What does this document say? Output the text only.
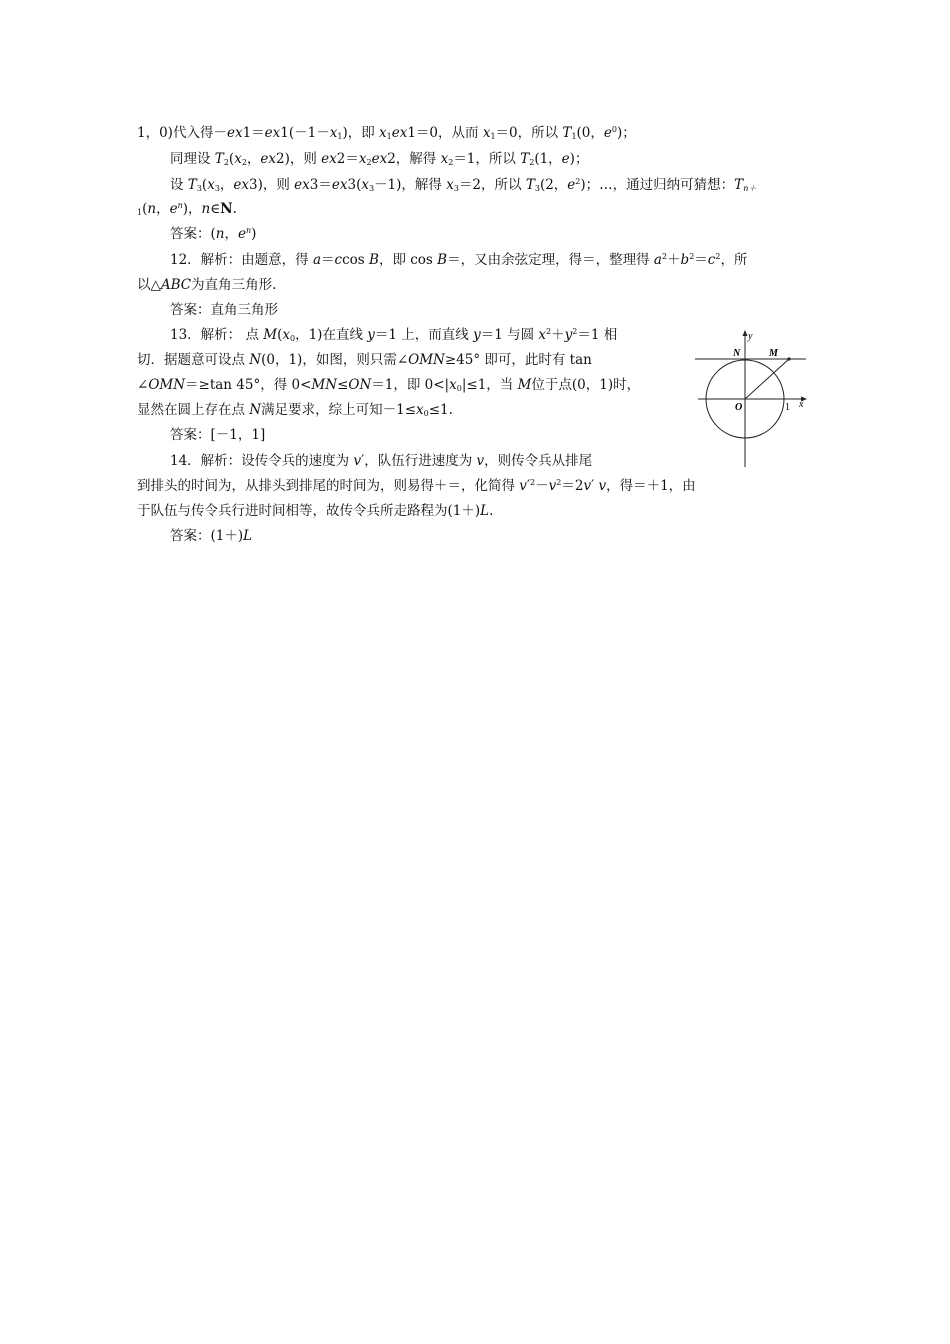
1，0)代入得$-ex1=ex1(-1-x_1)$，即 $x_1ex1=0$，从而 $x_1=0$，所以 $T_1(0$，$e^0$)；
同理设 $T_2(x_2$，ex2)，则 $ex2=x_2ex2$，解得 $x_2=1$，所以 $T_2(1$，e)；
设 $T_3(x_3$，ex3)，则 $ex3=ex3(x_3-1)$，解得 $x_3=2$，所以 $T_3(2$，$e^2$)；…，通过归纳可猜想：$T_{n+}$
$_1$(n，$e^n$)，n∈N.
答案：(n，$e^n$)
12．解析：由题意，得 a＝ccos B，即 cos B＝，又由余弦定理，得＝，整理得 $a^2+b^2=c^2$，所
以△ABC为直角三角形.
答案：直角三角形
13．解析： 点 $M(x_0$，1)在直线 y＝1 上，而直线 y＝1 与圆 $x^2+y^2=1$ 相
切．据题意可设点 N(0，1)，如图，则只需∠OMN≥45° 即可，此时有 tan
∠OMN＝≥tan 45°，得 0<MN≤ON＝1，即 $0<|x_0|\le 1$，当 M位于点(0，1)时，
显然在圆上存在点 N满足要求，综上可知$-1\le x_0\le 1$.
答案：[－1，1]
y
N	M
O	1 x
14．解析：设传令兵的速度为 v′，队伍行进速度为 v，则传令兵从排尾
到排头的时间为，从排头到排尾的时间为，则易得＋＝，化简得 $v'^2-v^2=2v'$ v，得＝＋1，由
于队伍与传令兵行进时间相等，故传令兵所走路程为(1＋)L.
答案：(1＋)L
